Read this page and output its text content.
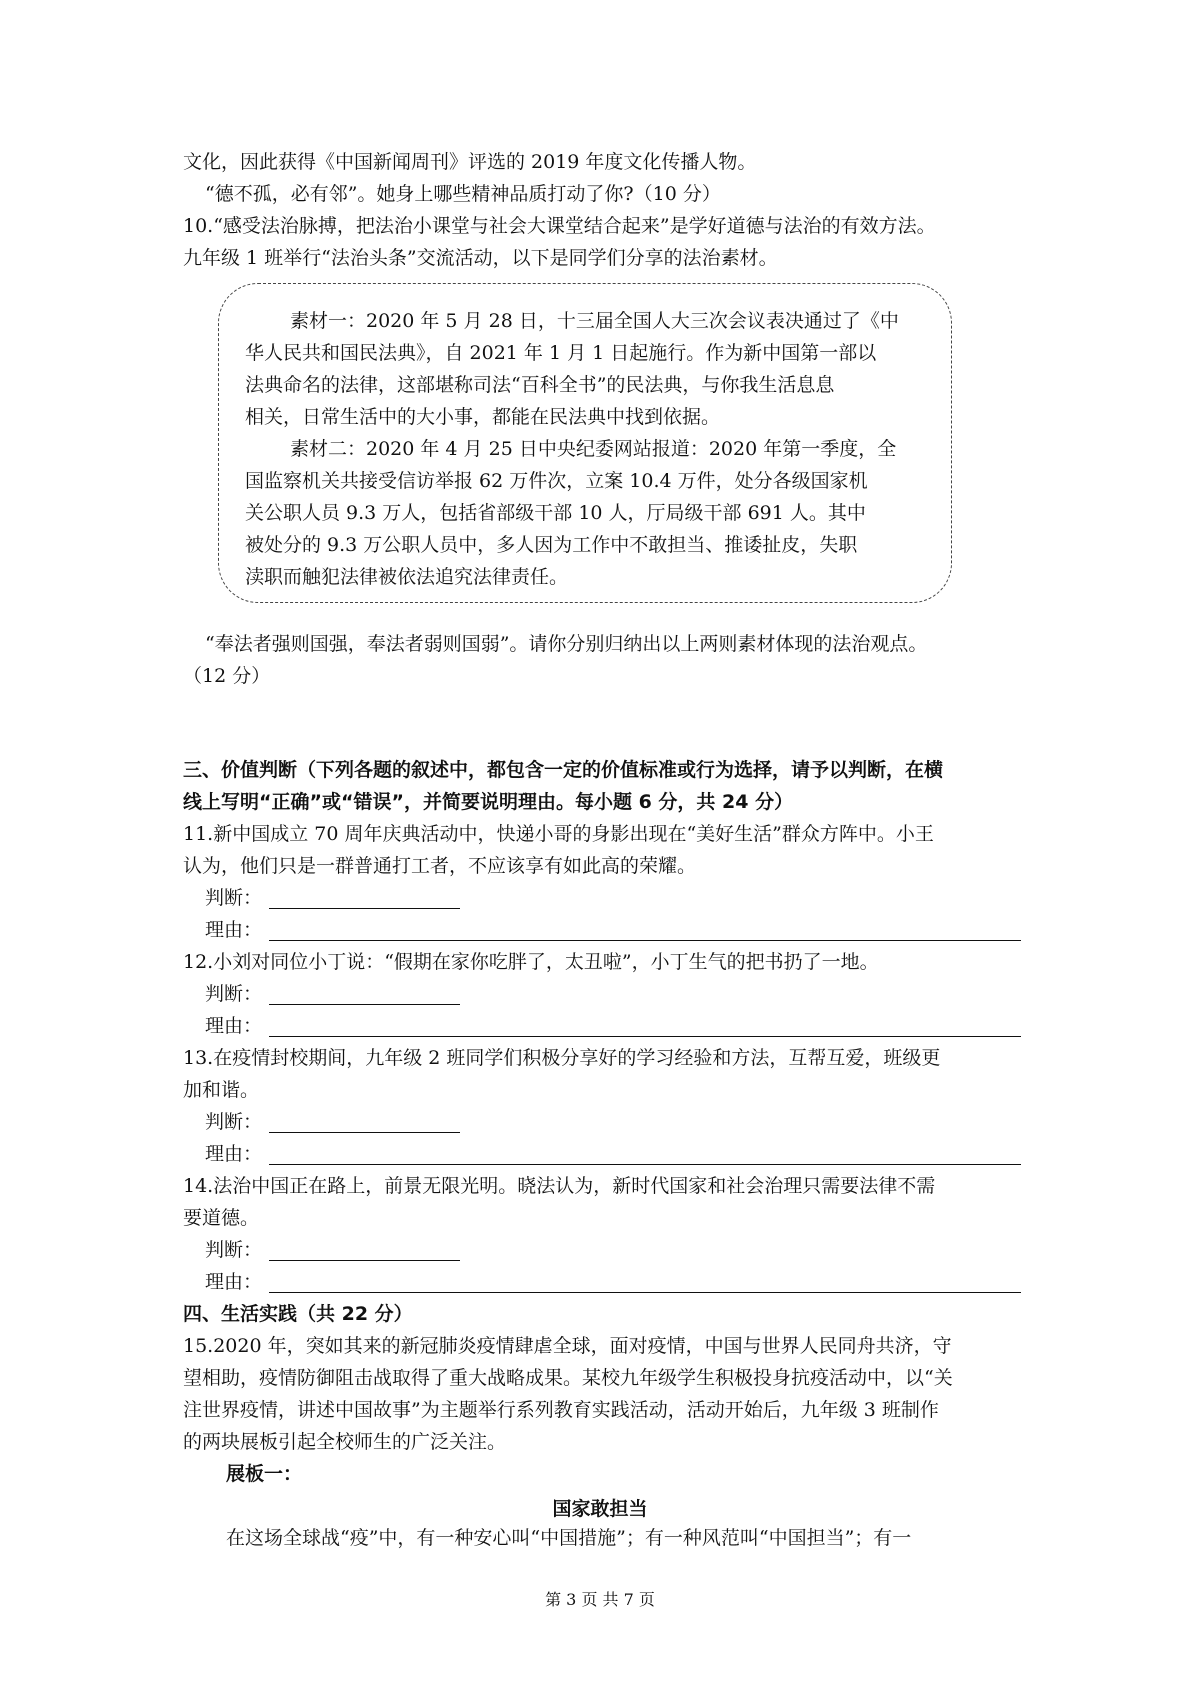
文化，因此获得《中国新闻周刊》评选的 2019 年度文化传播人物。
“德不孤，必有邻”。她身上哪些精神品质打动了你?（10 分）
10.“感受法治脉搏，把法治小课堂与社会大课堂结合起来”是学好道德与法治的有效方法。
九年级 1 班举行“法治头条”交流活动，以下是同学们分享的法治素材。
素材一：2020 年 5 月 28 日，十三届全国人大三次会议表决通过了《中
华人民共和国民法典》，自 2021 年 1 月 1 日起施行。作为新中国第一部以
法典命名的法律，这部堪称司法“百科全书”的民法典，与你我生活息息
相关，日常生活中的大小事，都能在民法典中找到依据。
素材二：2020 年 4 月 25 日中央纪委网站报道：2020 年第一季度，全
国监察机关共接受信访举报 62 万件次，立案 10.4 万件，处分各级国家机
关公职人员 9.3 万人，包括省部级干部 10 人，厅局级干部 691 人。其中
被处分的 9.3 万公职人员中，多人因为工作中不敢担当、推诿扯皮，失职
渎职而触犯法律被依法追究法律责任。
“奉法者强则国强，奉法者弱则国弱”。请你分别归纳出以上两则素材体现的法治观点。
（12 分）
三、价值判断（下列各题的叙述中，都包含一定的价值标准或行为选择，请予以判断，在横
线上写明“正确”或“错误”，并简要说明理由。每小题 6 分，共 24 分）
11.新中国成立 70 周年庆典活动中，快递小哥的身影出现在“美好生活”群众方阵中。小王
认为，他们只是一群普通打工者，不应该享有如此高的荣耀。
判断：
理由：
12.小刘对同位小丁说：“假期在家你吃胖了，太丑啦”，小丁生气的把书扔了一地。
判断：
理由：
13.在疫情封校期间，九年级 2 班同学们积极分享好的学习经验和方法，互帮互爱，班级更
加和谐。
判断：
理由：
14.法治中国正在路上，前景无限光明。晓法认为，新时代国家和社会治理只需要法律不需
要道德。
判断：
理由：
四、生活实践（共 22 分）
15.2020 年，突如其来的新冠肺炎疫情肆虐全球，面对疫情，中国与世界人民同舟共济，守
望相助，疫情防御阻击战取得了重大战略成果。某校九年级学生积极投身抗疫活动中，以“关
注世界疫情，讲述中国故事”为主题举行系列教育实践活动，活动开始后，九年级 3 班制作
的两块展板引起全校师生的广泛关注。
展板一：
国家敢担当
在这场全球战“疫”中，有一种安心叫“中国措施”；有一种风范叫“中国担当”；有一
第 3 页 共 7 页
